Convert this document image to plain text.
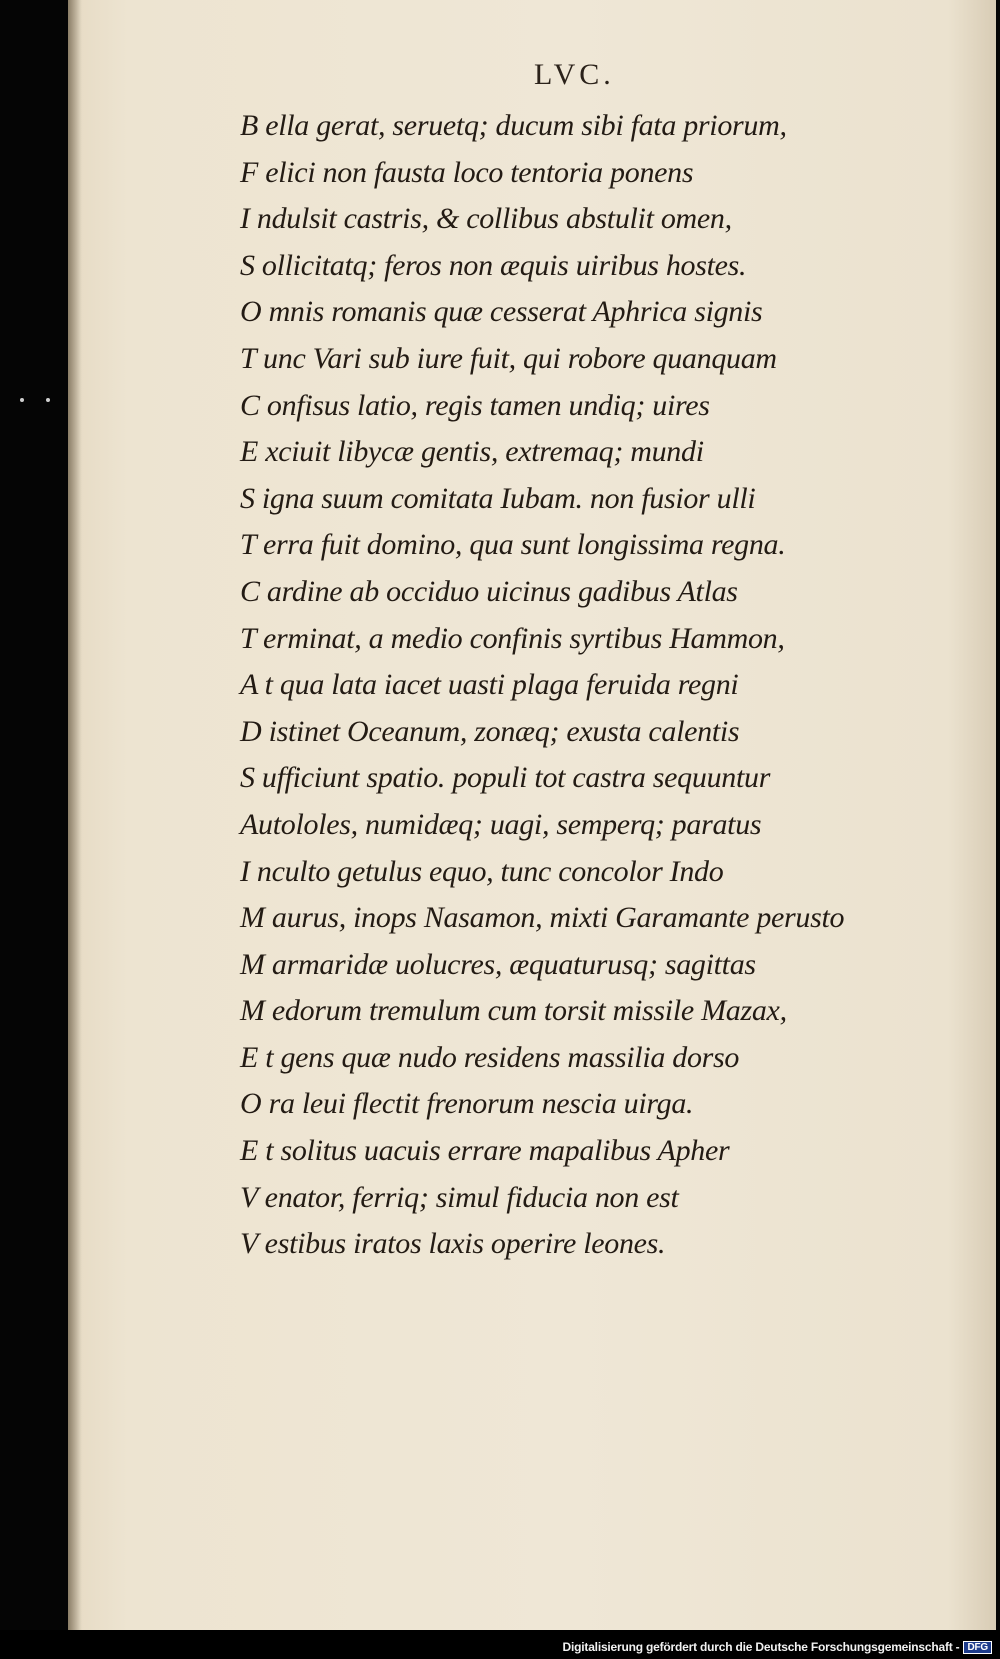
LVC.
B ella gerat, seruetq; ducum sibi fata priorum,
F elici non fausta loco tentoria ponens
I ndulsit castris, & collibus abstulit omen,
S ollicitatq; feros non æquis uiribus hostes.
O mnis romanis quæ cesserat Aphrica signis
T unc Vari sub iure fuit, qui robore quanquam
C onfisus latio, regis tamen undiq; uires
E xciuit libycæ gentis, extremaq; mundi
S igna suum comitata Iubam. non fusior ulli
T erra fuit domino, qua sunt longissima regna.
C ardine ab occiduo uicinus gadibus Atlas
T erminat, a medio confinis syrtibus Hammon,
A t qua lata iacet uasti plaga feruida regni
D istinet Oceanum, zonæq; exusta calentis
S ufficiunt spatio. populi tot castra sequuntur
Autololes, numidæq; uagi, semperq; paratus
I nculto getulus equo, tunc concolor Indo
M aurus, inops Nasamon, mixti Garamante perusto
M armaridæ uolucres, æquaturusq; sagittas
M edorum tremulum cum torsit missile Mazax,
E t gens quæ nudo residens massilia dorso
O ra leui flectit frenorum nescia uirga.
E t solitus uacuis errare mapalibus Apher
V enator, ferriq; simul fiducia non est
V estibus iratos laxis operire leones.
Digitalisierung gefördert durch die Deutsche Forschungsgemeinschaft - DFG
